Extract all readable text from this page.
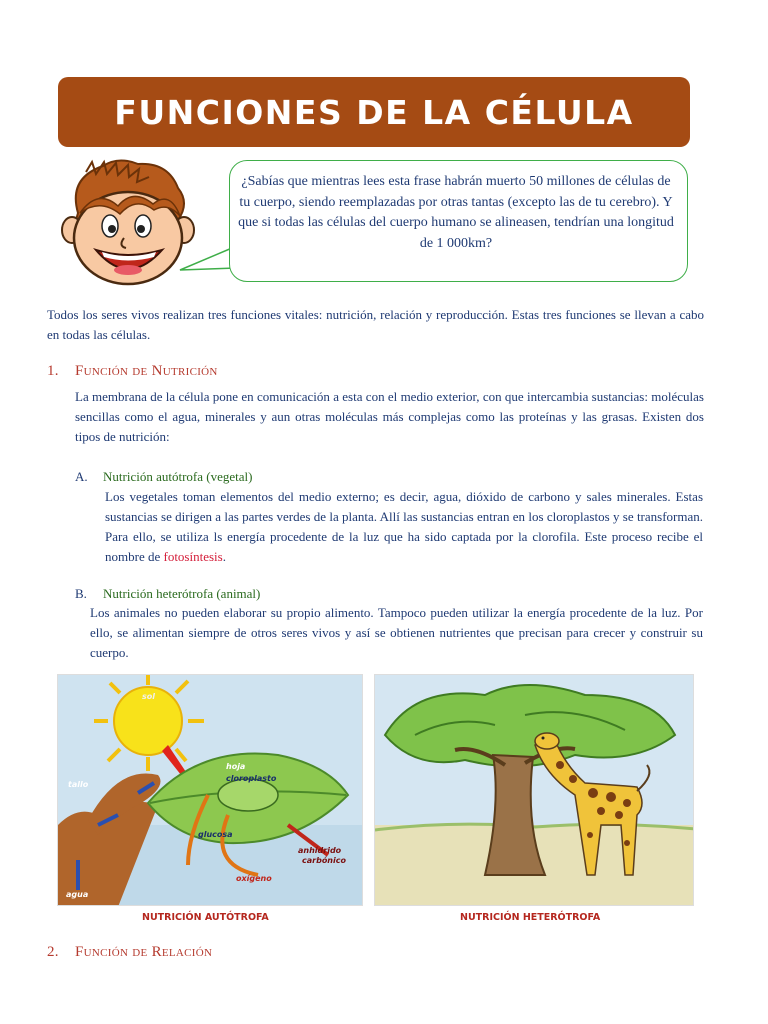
FUNCIONES DE LA CÉLULA
¿Sabías que mientras lees esta frase habrán muerto 50 millones de células de tu cuerpo, siendo reemplazadas por otras tantas (excepto las de tu cerebro). Y que si todas las células del cuerpo humano se alineasen, tendrían una longitud de 1 000km?
Todos los seres vivos realizan tres funciones vitales: nutrición, relación y reproducción. Estas tres funciones se llevan a cabo en todas las células.
1. Función de Nutrición
La membrana de la célula pone en comunicación a esta con el medio exterior, con que intercambia sustancias: moléculas sencillas como el agua, minerales y aun otras moléculas más complejas como las proteínas y las grasas. Existen dos tipos de nutrición:
A. Nutrición autótrofa (vegetal)
Los vegetales toman elementos del medio externo; es decir, agua, dióxido de carbono y sales minerales. Estas sustancias se dirigen a las partes verdes de la planta. Allí las sustancias entran en los cloroplastos y se transforman. Para ello, se utiliza ls energía procedente de la luz que ha sido captada por la clorofila. Este proceso recibe el nombre de fotosíntesis.
B. Nutrición heterótrofa (animal)
Los animales no pueden elaborar su propio alimento. Tampoco pueden utilizar la energía procedente de la luz. Por ello, se alimentan siempre de otros seres vivos y así se obtienen nutrientes que precisan para crecer y construir su cuerpo.
sol
hoja
tallo
cloroplasto
glucosa
anhídrido
carbónico
oxígeno
agua
NUTRICIÓN AUTÓTROFA	NUTRICIÓN HETERÓTROFA
2. Función de Relación
